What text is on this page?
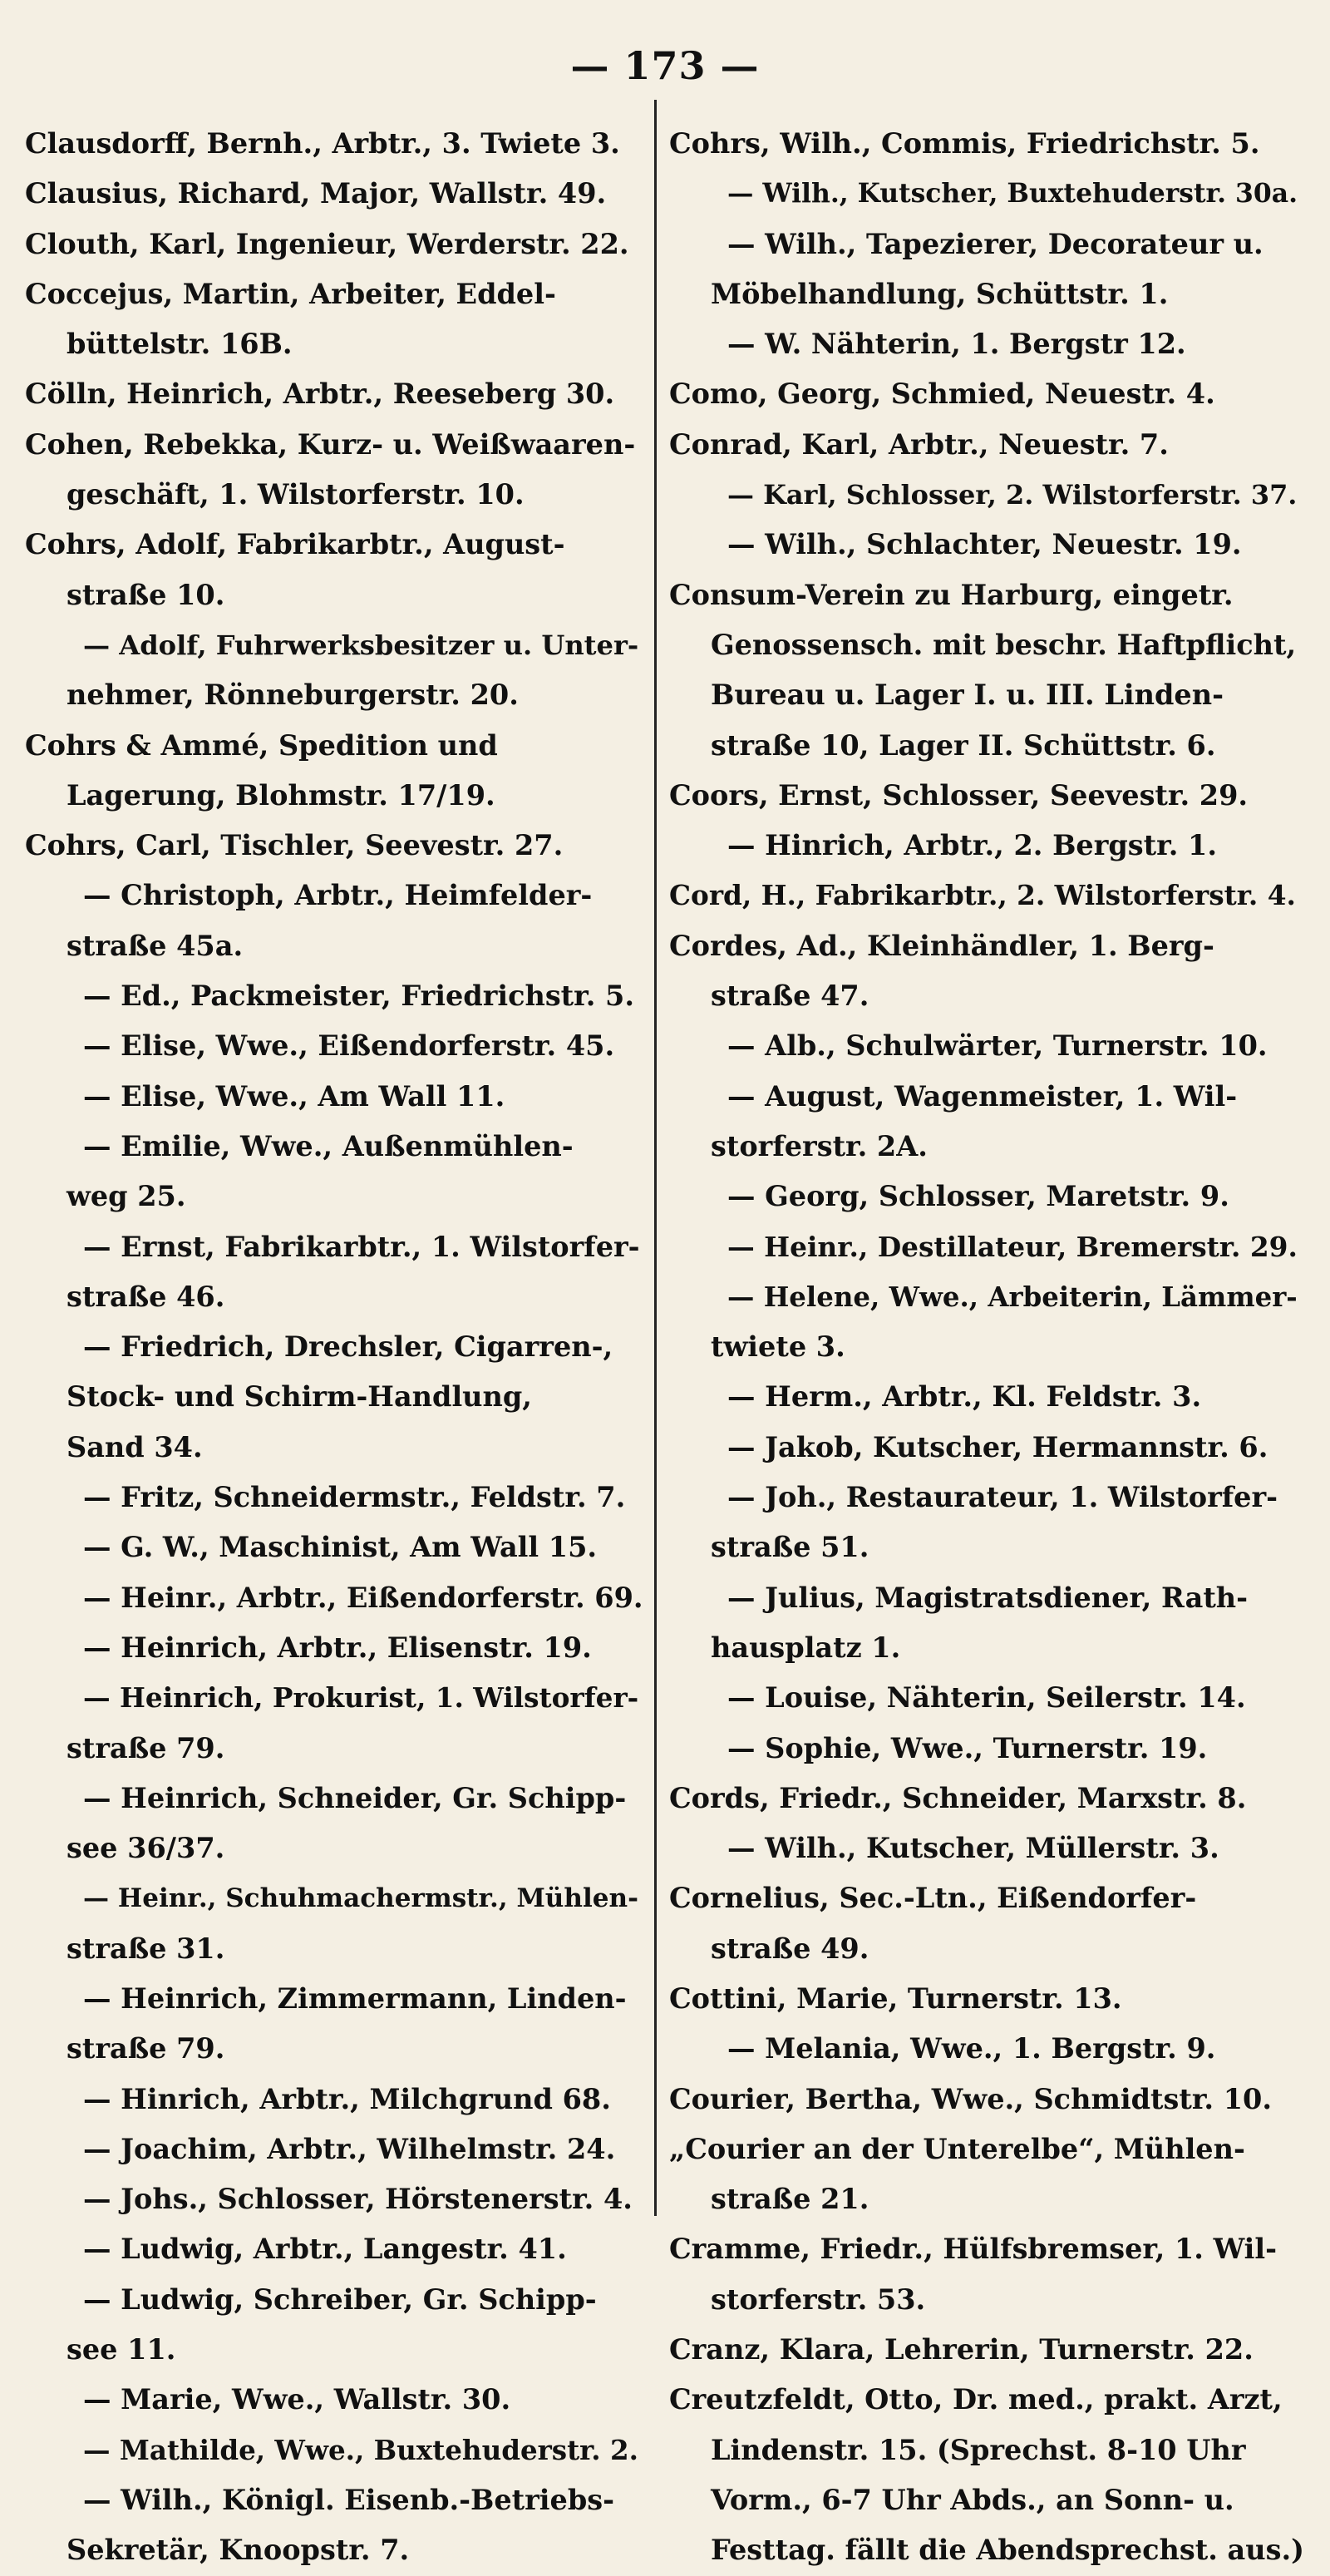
— 173 —

Clausdorff, Bernh., Arbtr., 3. Twiete 3.

Clausius, Richard, Major, Wallstr. 49.

Clouth, Karl, Ingenieur, Werderstr. 22.

Coccejus, Martin, Arbeiter, Eddel-

büttelstr. 16B.

Cölln, Heinrich, Arbtr., Reeseberg 30.

Cohen, Rebekka, Kurz- u. Weißwaaren-

geschäft, 1. Wilstorferstr. 10.

Cohrs, Adolf, Fabrikarbtr., August-

straße 10.

— Adolf, Fuhrwerksbesitzer u. Unter-

nehmer, Rönneburgerstr. 20.

Cohrs & Ammé, Spedition und

Lagerung, Blohmstr. 17/19.

Cohrs, Carl, Tischler, Seevestr. 27.

— Christoph, Arbtr., Heimfelder-

straße 45a.

— Ed., Packmeister, Friedrichstr. 5.

— Elise, Wwe., Eißendorferstr. 45.

— Elise, Wwe., Am Wall 11.

— Emilie, Wwe., Außenmühlen-

weg 25.

— Ernst, Fabrikarbtr., 1. Wilstorfer-

straße 46.

— Friedrich, Drechsler, Cigarren-,

Stock- und Schirm-Handlung,

Sand 34.

— Fritz, Schneidermstr., Feldstr. 7.

— G. W., Maschinist, Am Wall 15.

— Heinr., Arbtr., Eißendorferstr. 69.

— Heinrich, Arbtr., Elisenstr. 19.

— Heinrich, Prokurist, 1. Wilstorfer-

straße 79.

— Heinrich, Schneider, Gr. Schipp-

see 36/37.

— Heinr., Schuhmachermstr., Mühlen-

straße 31.

— Heinrich, Zimmermann, Linden-

straße 79.

— Hinrich, Arbtr., Milchgrund 68.

— Joachim, Arbtr., Wilhelmstr. 24.

— Johs., Schlosser, Hörstenerstr. 4.

— Ludwig, Arbtr., Langestr. 41.

— Ludwig, Schreiber, Gr. Schipp-

see 11.

— Marie, Wwe., Wallstr. 30.

— Mathilde, Wwe., Buxtehuderstr. 2.

— Wilh., Königl. Eisenb.-Betriebs-

Sekretär, Knoopstr. 7.

Cohrs, Wilh., Commis, Friedrichstr. 5.

— Wilh., Kutscher, Buxtehuderstr. 30a.

— Wilh., Tapezierer, Decorateur u.

Möbelhandlung, Schüttstr. 1.

— W. Nähterin, 1. Bergstr 12.

Como, Georg, Schmied, Neuestr. 4.

Conrad, Karl, Arbtr., Neuestr. 7.

— Karl, Schlosser, 2. Wilstorferstr. 37.

— Wilh., Schlachter, Neuestr. 19.

Consum-Verein zu Harburg, eingetr.

Genossensch. mit beschr. Haftpflicht,

Bureau u. Lager I. u. III. Linden-

straße 10, Lager II. Schüttstr. 6.

Coors, Ernst, Schlosser, Seevestr. 29.

— Hinrich, Arbtr., 2. Bergstr. 1.

Cord, H., Fabrikarbtr., 2. Wilstorferstr. 4.

Cordes, Ad., Kleinhändler, 1. Berg-

straße 47.

— Alb., Schulwärter, Turnerstr. 10.

— August, Wagenmeister, 1. Wil-

storferstr. 2A.

— Georg, Schlosser, Maretstr. 9.

— Heinr., Destillateur, Bremerstr. 29.

— Helene, Wwe., Arbeiterin, Lämmer-

twiete 3.

— Herm., Arbtr., Kl. Feldstr. 3.

— Jakob, Kutscher, Hermannstr. 6.

— Joh., Restaurateur, 1. Wilstorfer-

straße 51.

— Julius, Magistratsdiener, Rath-

hausplatz 1.

— Louise, Nähterin, Seilerstr. 14.

— Sophie, Wwe., Turnerstr. 19.

Cords, Friedr., Schneider, Marxstr. 8.

— Wilh., Kutscher, Müllerstr. 3.

Cornelius, Sec.-Ltn., Eißendorfer-

straße 49.

Cottini, Marie, Turnerstr. 13.

— Melania, Wwe., 1. Bergstr. 9.

Courier, Bertha, Wwe., Schmidtstr. 10.

„Courier an der Unterelbe“, Mühlen-

straße 21.

Cramme, Friedr., Hülfsbremser, 1. Wil-

storferstr. 53.

Cranz, Klara, Lehrerin, Turnerstr. 22.

Creutzfeldt, Otto, Dr. med., prakt. Arzt,

Lindenstr. 15. (Sprechst. 8-10 Uhr

Vorm., 6-7 Uhr Abds., an Sonn- u.

Festtag. fällt die Abendsprechst. aus.)
